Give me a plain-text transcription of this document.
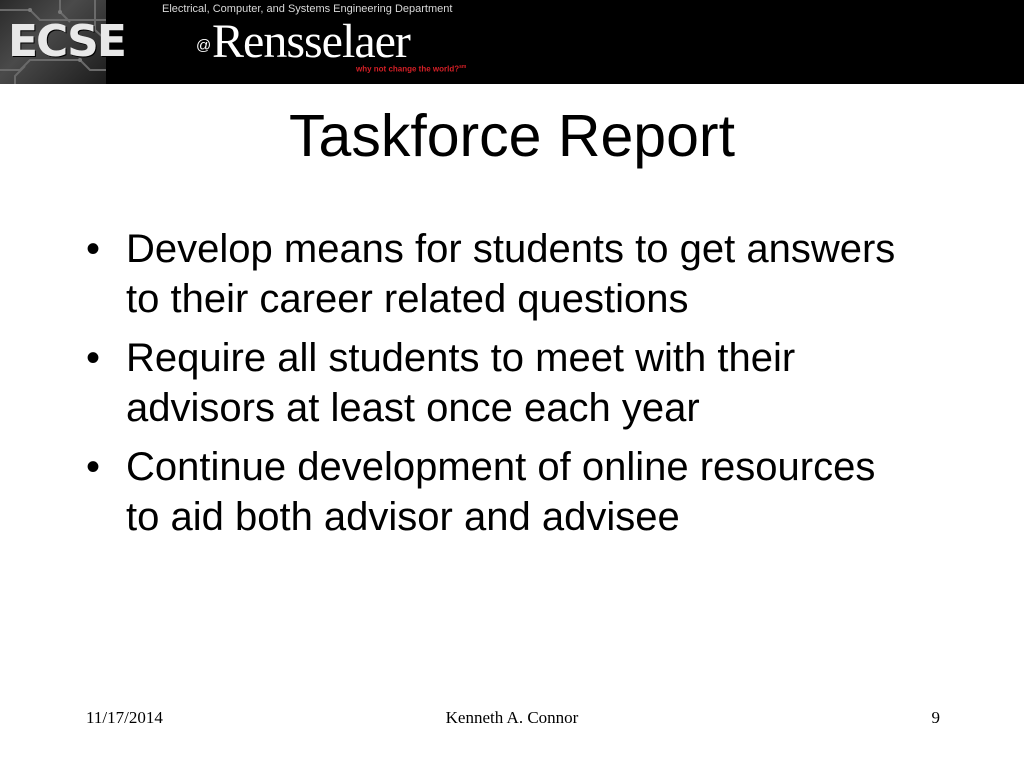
ECSE
Electrical, Computer, and Systems Engineering Department
@ Rensselaer
why not change the world?$^{sm}$
Taskforce Report
• Develop means for students to get answers to their career related questions
• Require all students to meet with their advisors at least once each year
• Continue development of online resources to aid both advisor and advisee
11/17/2014	Kenneth A. Connor	9
